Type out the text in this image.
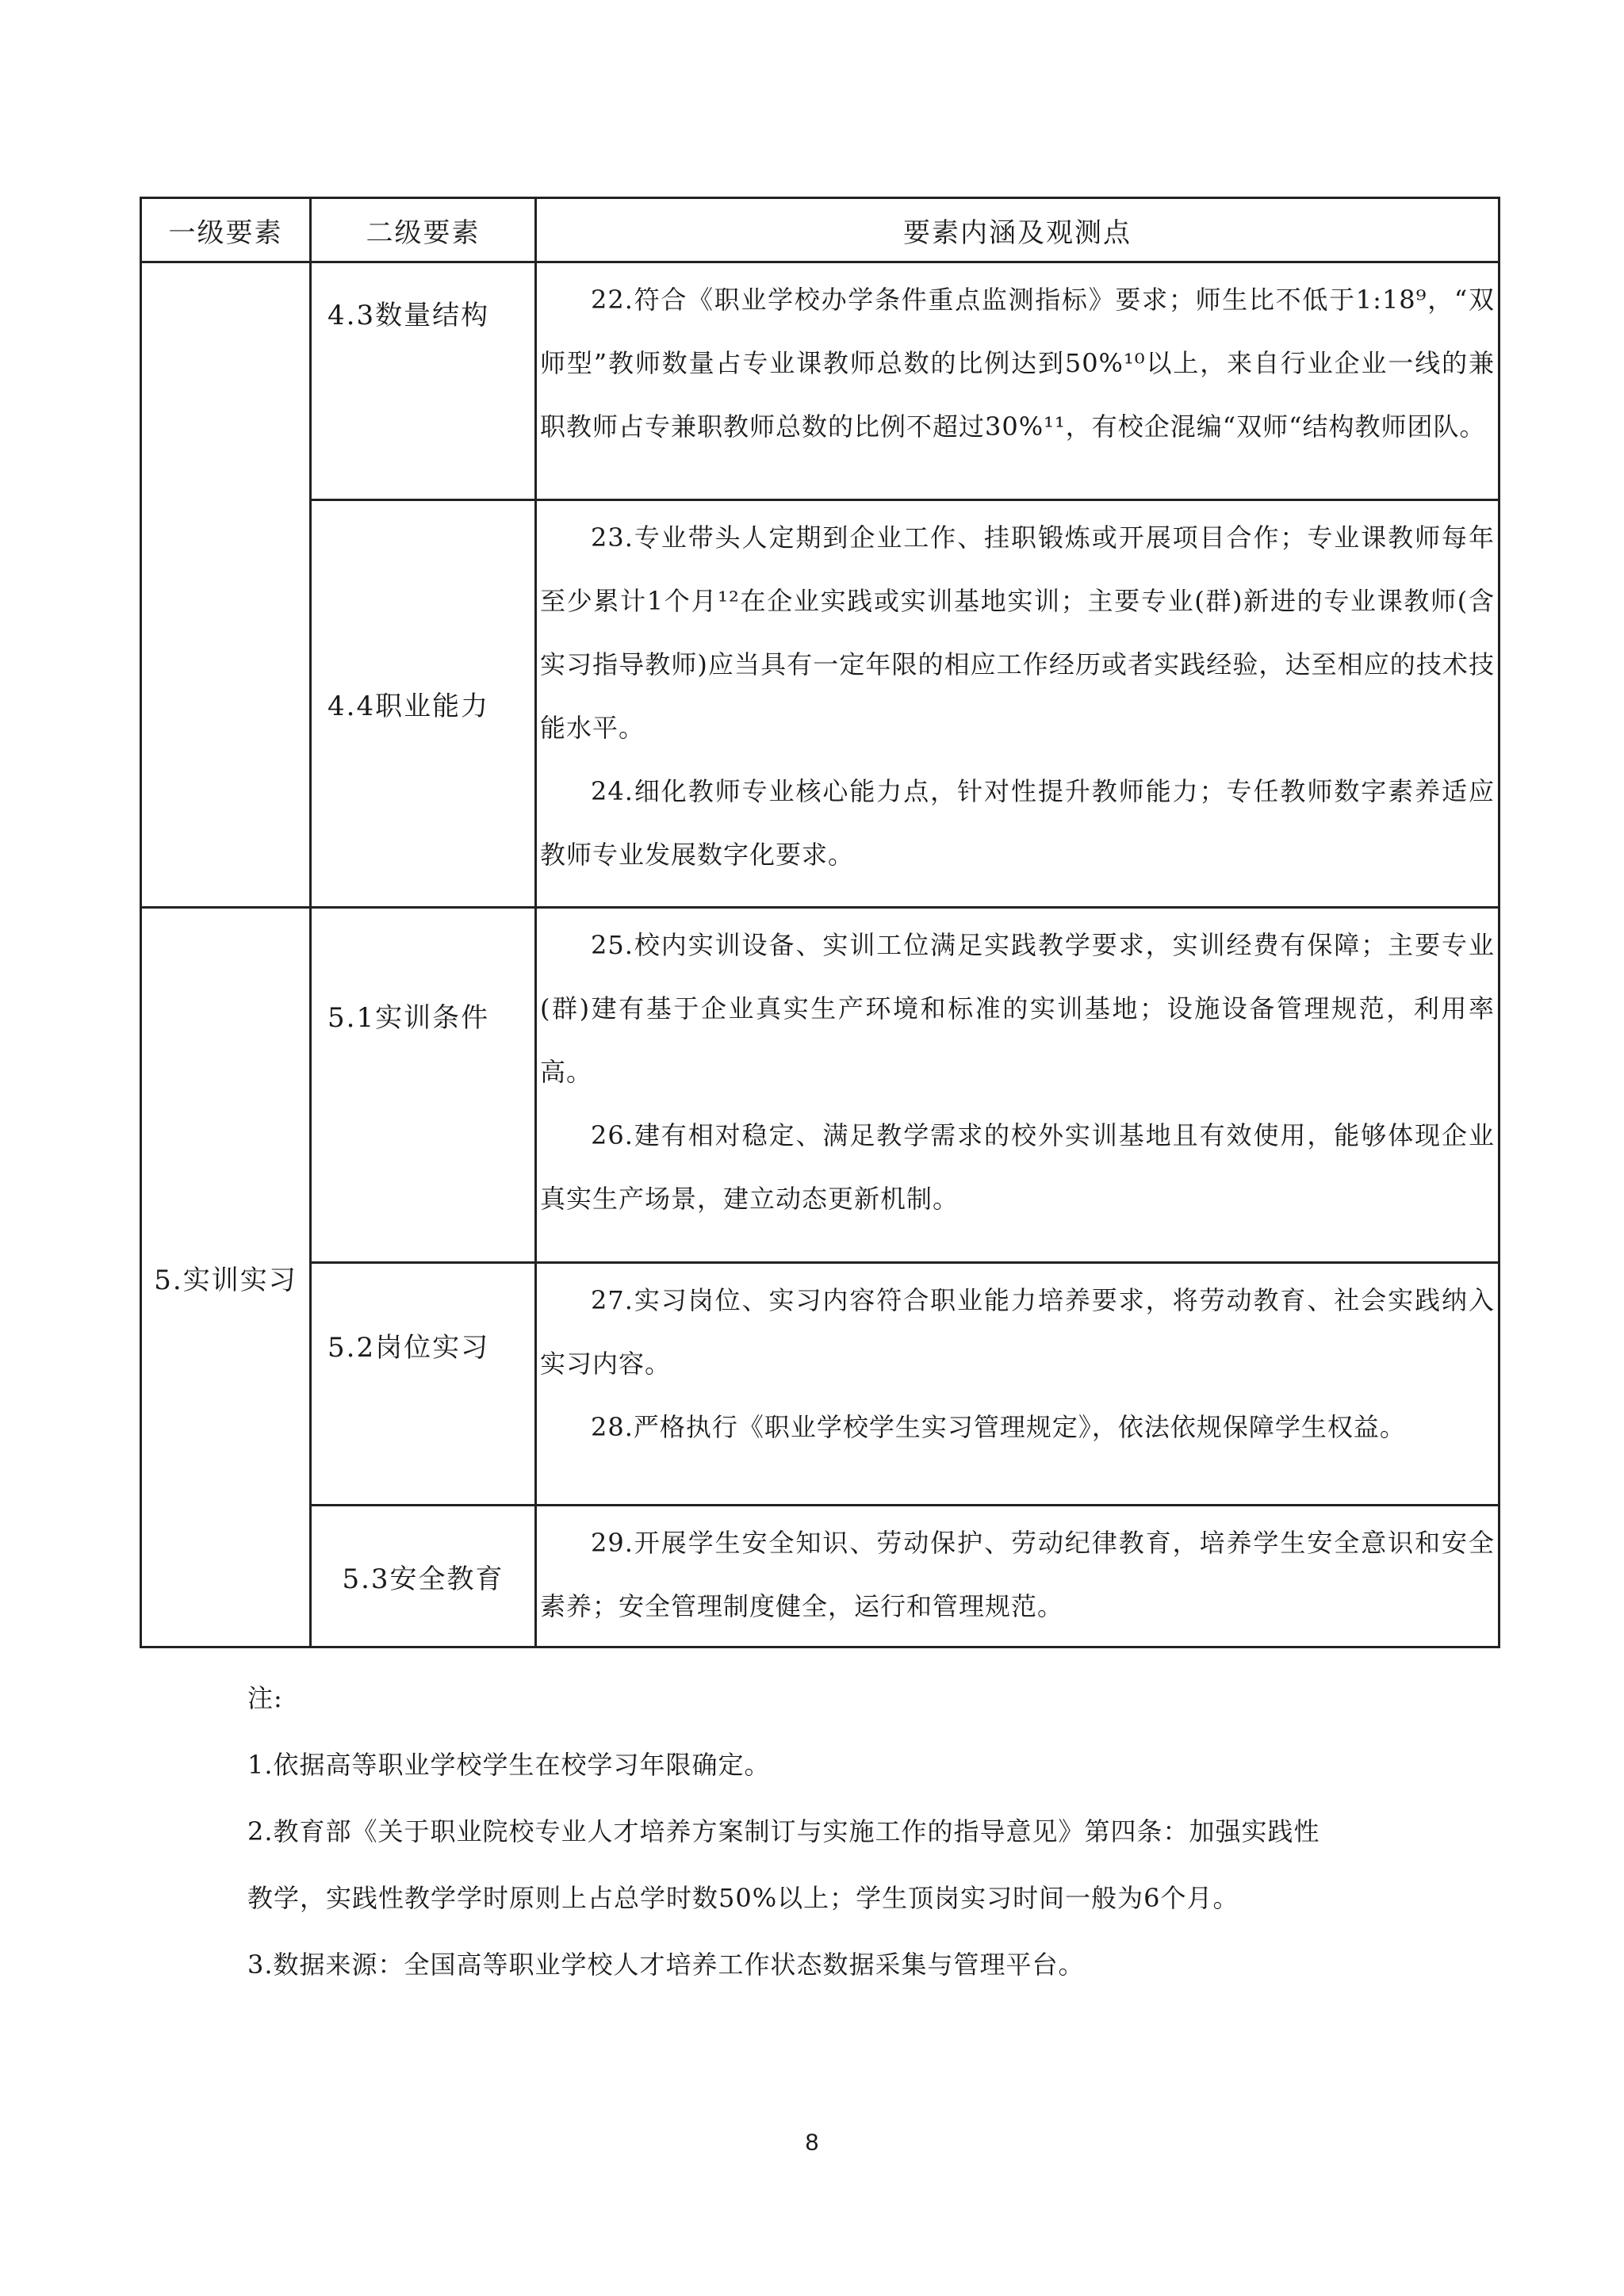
一级要素	二级要素	要素内涵及观测点
	4.3数量结构	22.符合《职业学校办学条件重点监测指标》要求；师生比不低于1:18⁹，“双师型”教师数量占专业课教师总数的比例达到50%¹⁰以上，来自行业企业一线的兼职教师占专兼职教师总数的比例不超过30%¹¹，有校企混编“双师“结构教师团队。

	4.4职业能力	23.专业带头人定期到企业工作、挂职锻炼或开展项目合作；专业课教师每年至少累计1个月¹²在企业实践或实训基地实训；主要专业(群)新进的专业课教师(含实习指导教师)应当具有一定年限的相应工作经历或者实践经验，达至相应的技术技能水平。

24.细化教师专业核心能力点，针对性提升教师能力；专任教师数字素养适应教师专业发展数字化要求。

5.实训实习	5.1实训条件	25.校内实训设备、实训工位满足实践教学要求，实训经费有保障；主要专业(群)建有基于企业真实生产环境和标准的实训基地；设施设备管理规范，利用率高。

26.建有相对稳定、满足教学需求的校外实训基地且有效使用，能够体现企业真实生产场景，建立动态更新机制。

	5.2岗位实习	27.实习岗位、实习内容符合职业能力培养要求，将劳动教育、社会实践纳入实习内容。

28.严格执行《职业学校学生实习管理规定》，依法依规保障学生权益。

	5.3安全教育	29.开展学生安全知识、劳动保护、劳动纪律教育，培养学生安全意识和安全素养；安全管理制度健全，运行和管理规范。

注:
1.依据高等职业学校学生在校学习年限确定。
2.教育部《关于职业院校专业人才培养方案制订与实施工作的指导意见》第四条：加强实践性
教学，实践性教学学时原则上占总学时数50%以上；学生顶岗实习时间一般为6个月。
3.数据来源：全国高等职业学校人才培养工作状态数据采集与管理平台。
8
